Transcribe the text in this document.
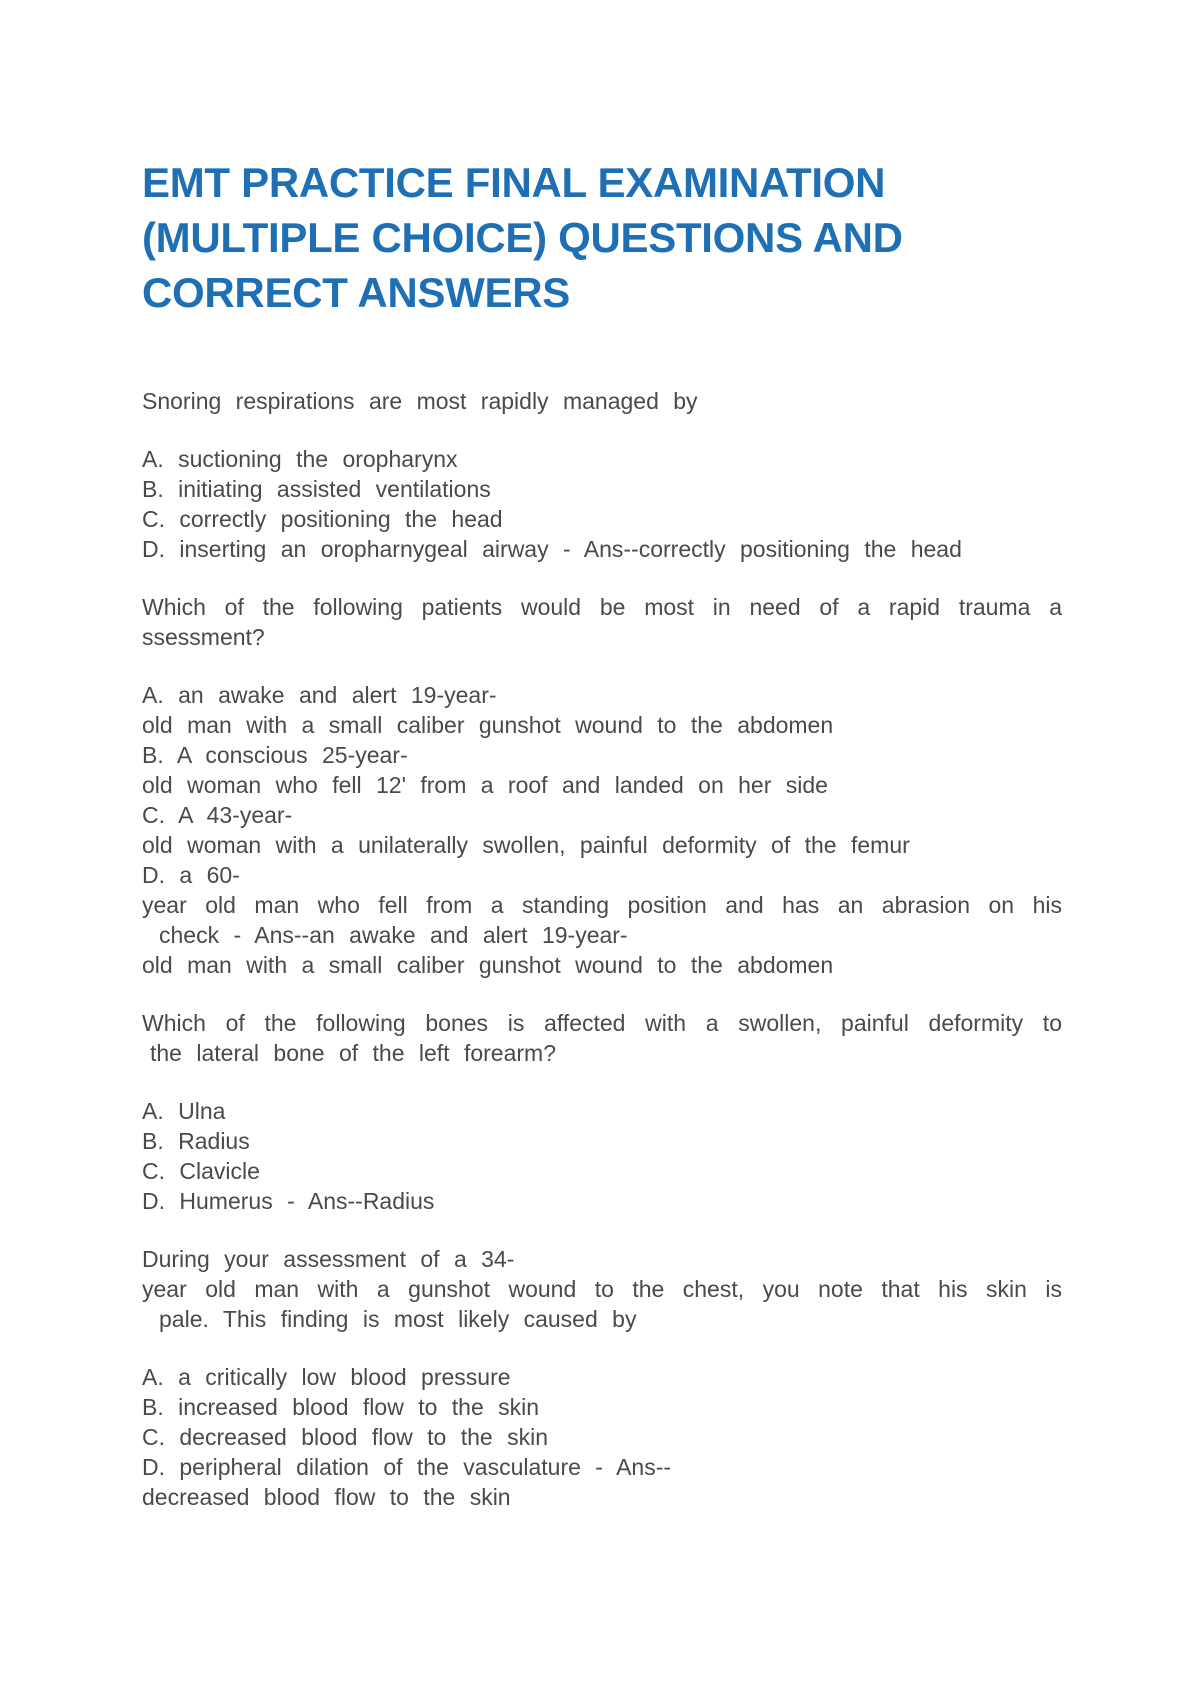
EMT PRACTICE FINAL EXAMINATION
(MULTIPLE CHOICE) QUESTIONS AND
CORRECT ANSWERS
Snoring respirations are most rapidly managed by
A. suctioning the oropharynx
B. initiating assisted ventilations
C. correctly positioning the head
D. inserting an oropharnygeal airway - Ans--correctly positioning the head
Which of the following patients would be most in need of a rapid trauma a
ssessment?
A. an awake and alert 19-year-
old man with a small caliber gunshot wound to the abdomen
B. A conscious 25-year-
old woman who fell 12' from a roof and landed on her side
C. A 43-year-
old woman with a unilaterally swollen, painful deformity of the femur
D. a 60-
year old man who fell from a standing position and has an abrasion on his
check - Ans--an awake and alert 19-year-
old man with a small caliber gunshot wound to the abdomen
Which of the following bones is affected with a swollen, painful deformity to
the lateral bone of the left forearm?
A. Ulna
B. Radius
C. Clavicle
D. Humerus - Ans--Radius
During your assessment of a 34-
year old man with a gunshot wound to the chest, you note that his skin is
pale. This finding is most likely caused by
A. a critically low blood pressure
B. increased blood flow to the skin
C. decreased blood flow to the skin
D. peripheral dilation of the vasculature - Ans--
decreased blood flow to the skin
